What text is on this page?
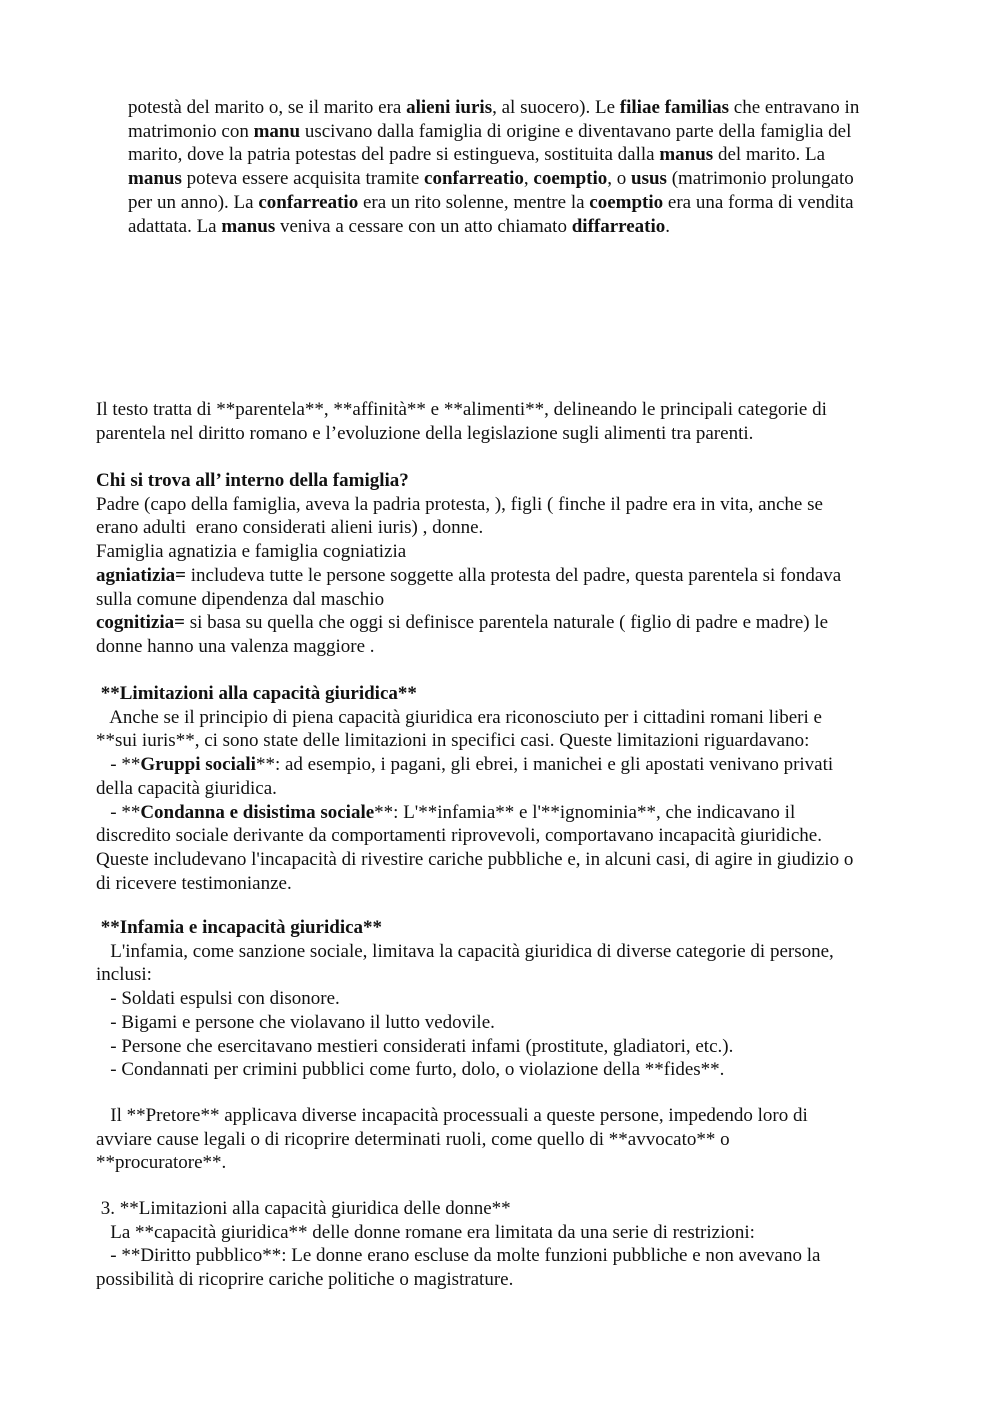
potestà del marito o, se il marito era alieni iuris, al suocero). Le filiae familias che entravano in
matrimonio con manu uscivano dalla famiglia di origine e diventavano parte della famiglia del
marito, dove la patria potestas del padre si estingueva, sostituita dalla manus del marito. La
manus poteva essere acquisita tramite confarreatio, coemptio, o usus (matrimonio prolungato
per un anno). La confarreatio era un rito solenne, mentre la coemptio era una forma di vendita
adattata. La manus veniva a cessare con un atto chiamato diffarreatio.
Il testo tratta di **parentela**, **affinità** e **alimenti**, delineando le principali categorie di
parentela nel diritto romano e l’evoluzione della legislazione sugli alimenti tra parenti.
Chi si trova all’ interno della famiglia?
Padre (capo della famiglia, aveva la padria protesta, ), figli ( finche il padre era in vita, anche se
erano adulti  erano considerati alieni iuris) , donne.
Famiglia agnatizia e famiglia cogniatizia
agniatizia= includeva tutte le persone soggette alla protesta del padre, questa parentela si fondava
sulla comune dipendenza dal maschio
cognitizia= si basa su quella che oggi si definisce parentela naturale ( figlio di padre e madre) le
donne hanno una valenza maggiore .
**Limitazioni alla capacità giuridica**
Anche se il principio di piena capacità giuridica era riconosciuto per i cittadini romani liberi e
**sui iuris**, ci sono state delle limitazioni in specifici casi. Queste limitazioni riguardavano:
- **Gruppi sociali**: ad esempio, i pagani, gli ebrei, i manichei e gli apostati venivano privati
della capacità giuridica.
- **Condanna e disistima sociale**: L'**infamia** e l'**ignominia**, che indicavano il
discredito sociale derivante da comportamenti riprovevoli, comportavano incapacità giuridiche.
Queste includevano l'incapacità di rivestire cariche pubbliche e, in alcuni casi, di agire in giudizio o
di ricevere testimonianze.
**Infamia e incapacità giuridica**
L'infamia, come sanzione sociale, limitava la capacità giuridica di diverse categorie di persone,
inclusi:
- Soldati espulsi con disonore.
- Bigami e persone che violavano il lutto vedovile.
- Persone che esercitavano mestieri considerati infami (prostitute, gladiatori, etc.).
- Condannati per crimini pubblici come furto, dolo, o violazione della **fides**.
Il **Pretore** applicava diverse incapacità processuali a queste persone, impedendo loro di
avviare cause legali o di ricoprire determinati ruoli, come quello di **avvocato** o
**procuratore**.
3. **Limitazioni alla capacità giuridica delle donne**
La **capacità giuridica** delle donne romane era limitata da una serie di restrizioni:
- **Diritto pubblico**: Le donne erano escluse da molte funzioni pubbliche e non avevano la
possibilità di ricoprire cariche politiche o magistrature.
